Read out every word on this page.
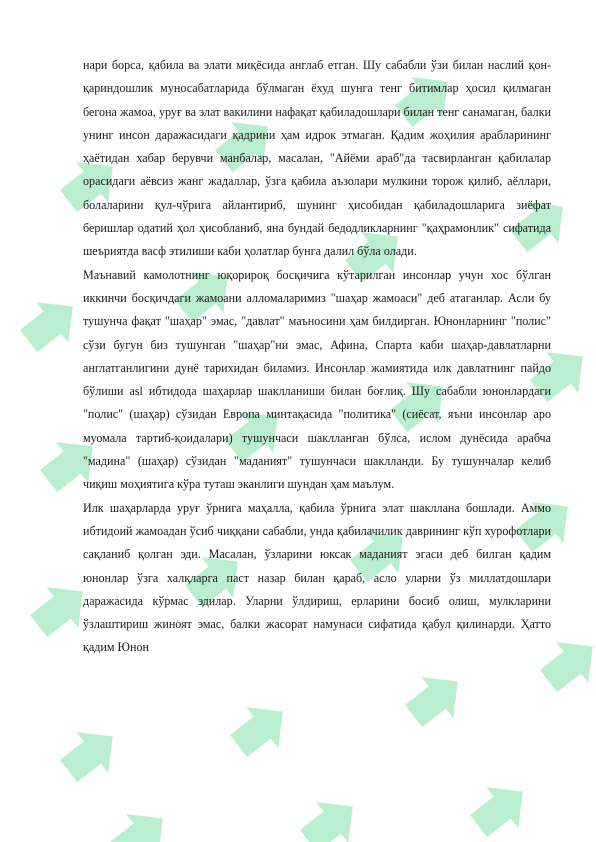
нари борса, қабила ва элати миқёсида англаб етган. Шу сабабли ўзи билан наслий қон-қариндошлик муносабатларида бўлмаган ёхуд шунга тенг битимлар ҳосил қилмаган бегона жамоа, уруғ ва элат вакилини нафақат қабиладошлари билан тенг санамаган, балки унинг инсон даражасидаги қадрини ҳам идрок этмаган. Қадим жоҳилия арабларининг ҳаётидан хабар берувчи манбалар, масалан, "Айёми араб"да тасвирланган қабилалар орасидаги аёвсиз жанг жадаллар, ўзга қабила аъзолари мулкини торож қилиб, аёллари, болаларини қул-чўрига айлантириб, шунинг ҳисобидан қабиладошларига зиёфат беришлар одатий ҳол ҳисобланиб, яна бундай бедодликларнинг "қаҳрамонлик" сифатида шеъриятда васф этилиши каби ҳолатлар бунга далил бўла олади.

Маънавий камолотнинг юқорироқ босқичига кўтарилган инсонлар учун хос бўлган иккинчи босқичдаги жамоани алломаларимиз "шаҳар жамоаси" деб атаганлар. Асли бу тушунча фақат "шаҳар" эмас, "давлат" маъносини ҳам билдирган. Юнонларнинг "полис" сўзи бугун биз тушунган "шаҳар"ни эмас, Афина, Спарта каби шаҳар-давлатларни англатганлигини дунё тарихидан биламиз. Инсонлар жамиятида илк давлатнинг пайдо бўлиши аsl ибтидода шаҳарлар шаклланиши билан боғлиқ. Шу сабабли юнонлардаги "полис" (шаҳар) сўзидан Европа минтақасида "политика" (сиёсат, яъни инсонлар аро муомала тартиб-қоидалари) тушунчаси шаклланган бўлса, ислом дунёсида арабча "мадина" (шаҳар) сўзидан "маданият" тушунчаси шаклланди. Бу тушунчалар келиб чиқиш моҳиятига кўра туташ эканлиги шундан ҳам маълум.

Илк шаҳарларда уруғ ўрнига маҳалла, қабила ўрнига элат шакллана бошлади. Аммо ибтидоий жамоадан ўсиб чиққани сабабли, унда қабилачилик даврининг кўп хурофотлари сақланиб қолган эди. Масалан, ўзларини юксак маданият эгаси деб билган қадим юнонлар ўзга халқларга паст назар билан қараб, асло уларни ўз миллатдошлари даражасида кўрмас эдилар. Уларни ўлдириш, ерларини босиб олиш, мулкларини ўзлаштириш жиноят эмас, балки жасорат намунаси сифатида қабул қилинарди. Ҳатто қадим Юнон
